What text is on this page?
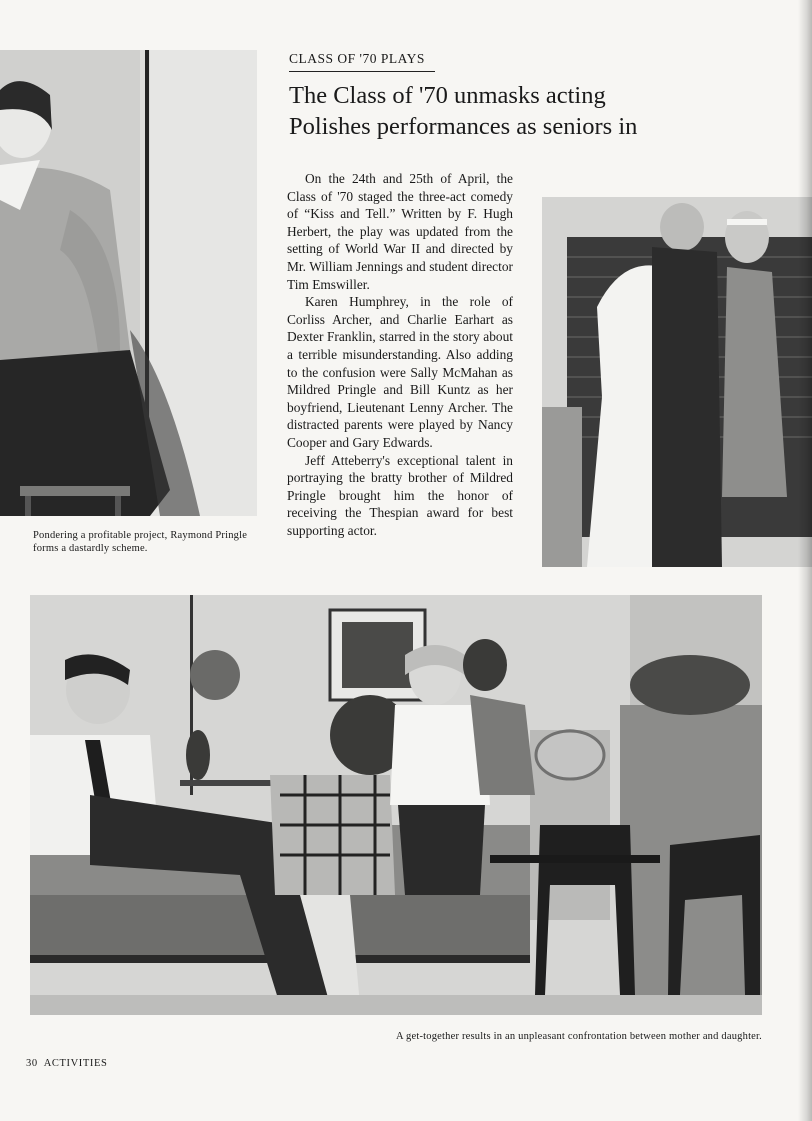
CLASS OF '70 PLAYS
The Class of '70 unmasks acting
Polishes performances as seniors in

On the 24th and 25th of April, the Class of '70 staged the three-act comedy of “Kiss and Tell.” Written by F. Hugh Herbert, the play was updated from the setting of World War II and directed by Mr. William Jennings and student director Tim Emswiller.

Karen Humphrey, in the role of Corliss Archer, and Charlie Earhart as Dexter Franklin, starred in the story about a terrible misunderstanding. Also adding to the confusion were Sally McMahan as Mildred Pringle and Bill Kuntz as her boyfriend, Lieutenant Lenny Archer. The distracted parents were played by Nancy Cooper and Gary Edwards.

Jeff Atteberry's exceptional talent in portraying the bratty brother of Mildred Pringle brought him the honor of receiving the Thespian award for best supporting actor.

Pondering a profitable project, Raymond Pringle forms a dastardly scheme.
A get-together results in an unpleasant confrontation between mother and daughter.
30 ACTIVITIES
